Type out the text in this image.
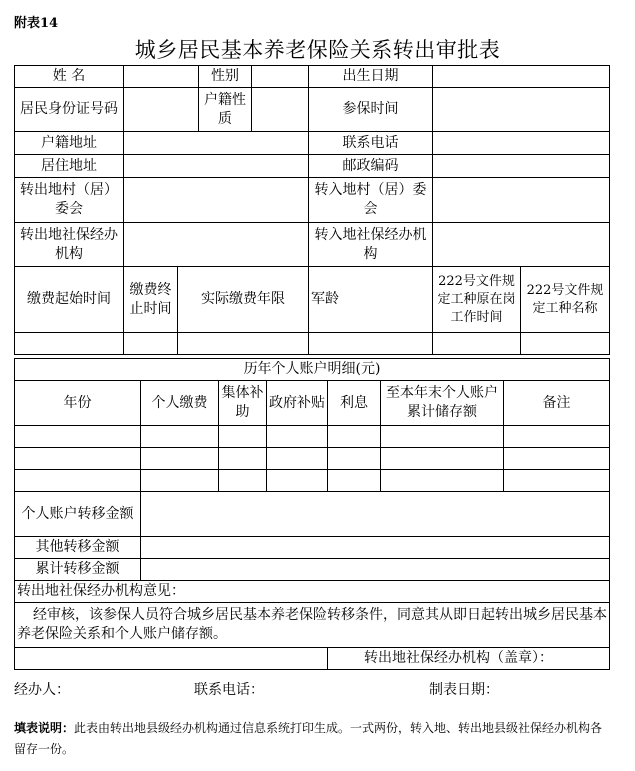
附表14
城乡居民基本养老保险关系转出审批表
姓 名			性别		出生日期		
居民身份证号码			户籍性质		参保时间		
户籍地址					联系电话		
居住地址					邮政编码		
转出地村（居）委会					转入地村（居）委会		
转出地社保经办机构					转入地社保经办机构		
缴费起始时间	缴费终止时间	实际缴费年限			军龄	222号文件规定工种原在岗工作时间	222号文件规定工种名称

历年个人账户明细(元)						
年份	个人缴费	集体补助	政府补贴	利息	至本年末个人账户累计储存额	备注

个人账户转移金额						
其他转移金额						
累计转移金额						
转出地社保经办机构意见：						
经审核，该参保人员符合城乡居民基本养老保险转移条件，同意其从即日起转出城乡居民基本养老保险关系和个人账户储存额。						
				转出地社保经办机构（盖章）：		
经办人：	联系电话：	制表日期：
填表说明：此表由转出地县级经办机构通过信息系统打印生成。一式两份，转入地、转出地县级社保经办机构各留存一份。
